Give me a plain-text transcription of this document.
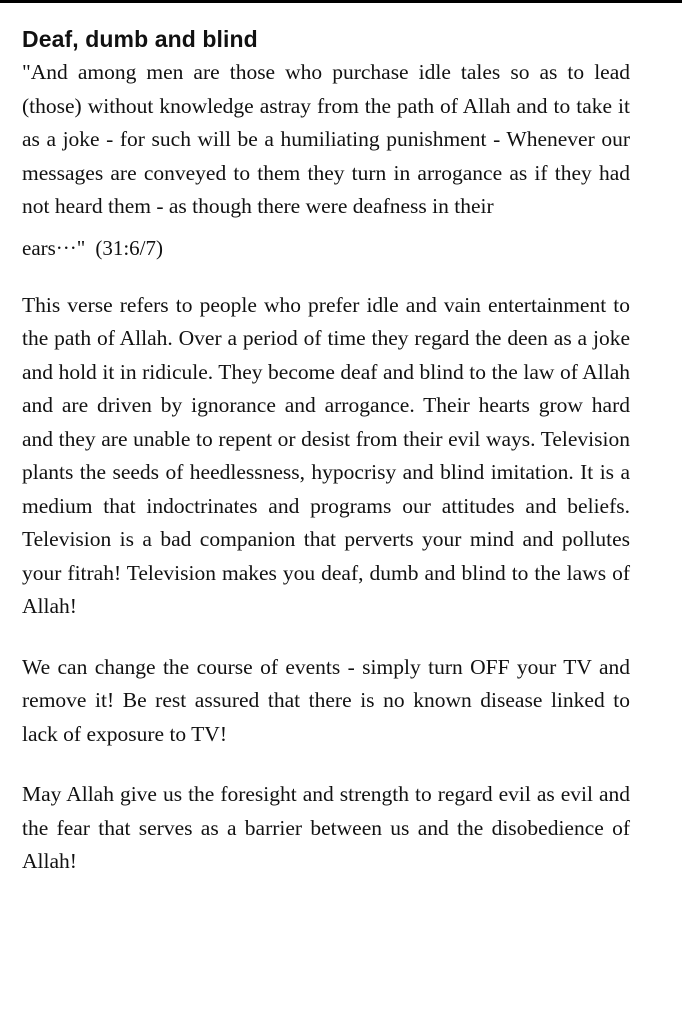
Deaf, dumb and blind

"And among men are those who purchase idle tales so as to lead (those) without knowledge astray from the path of Allah and to take it as a joke - for such will be a humiliating punishment - Whenever our messages are conveyed to them they turn in arrogance as if they had not heard them - as though there were deafness in their

ears···" (31:6/7)

This verse refers to people who prefer idle and vain entertainment to the path of Allah. Over a period of time they regard the deen as a joke and hold it in ridicule. They become deaf and blind to the law of Allah and are driven by ignorance and arrogance. Their hearts grow hard and they are unable to repent or desist from their evil ways. Television plants the seeds of heedlessness, hypocrisy and blind imitation. It is a medium that indoctrinates and programs our attitudes and beliefs. Television is a bad companion that perverts your mind and pollutes your fitrah! Television makes you deaf, dumb and blind to the laws of Allah!

We can change the course of events - simply turn OFF your TV and remove it! Be rest assured that there is no known disease linked to lack of exposure to TV!

May Allah give us the foresight and strength to regard evil as evil and the fear that serves as a barrier between us and the disobedience of Allah!
